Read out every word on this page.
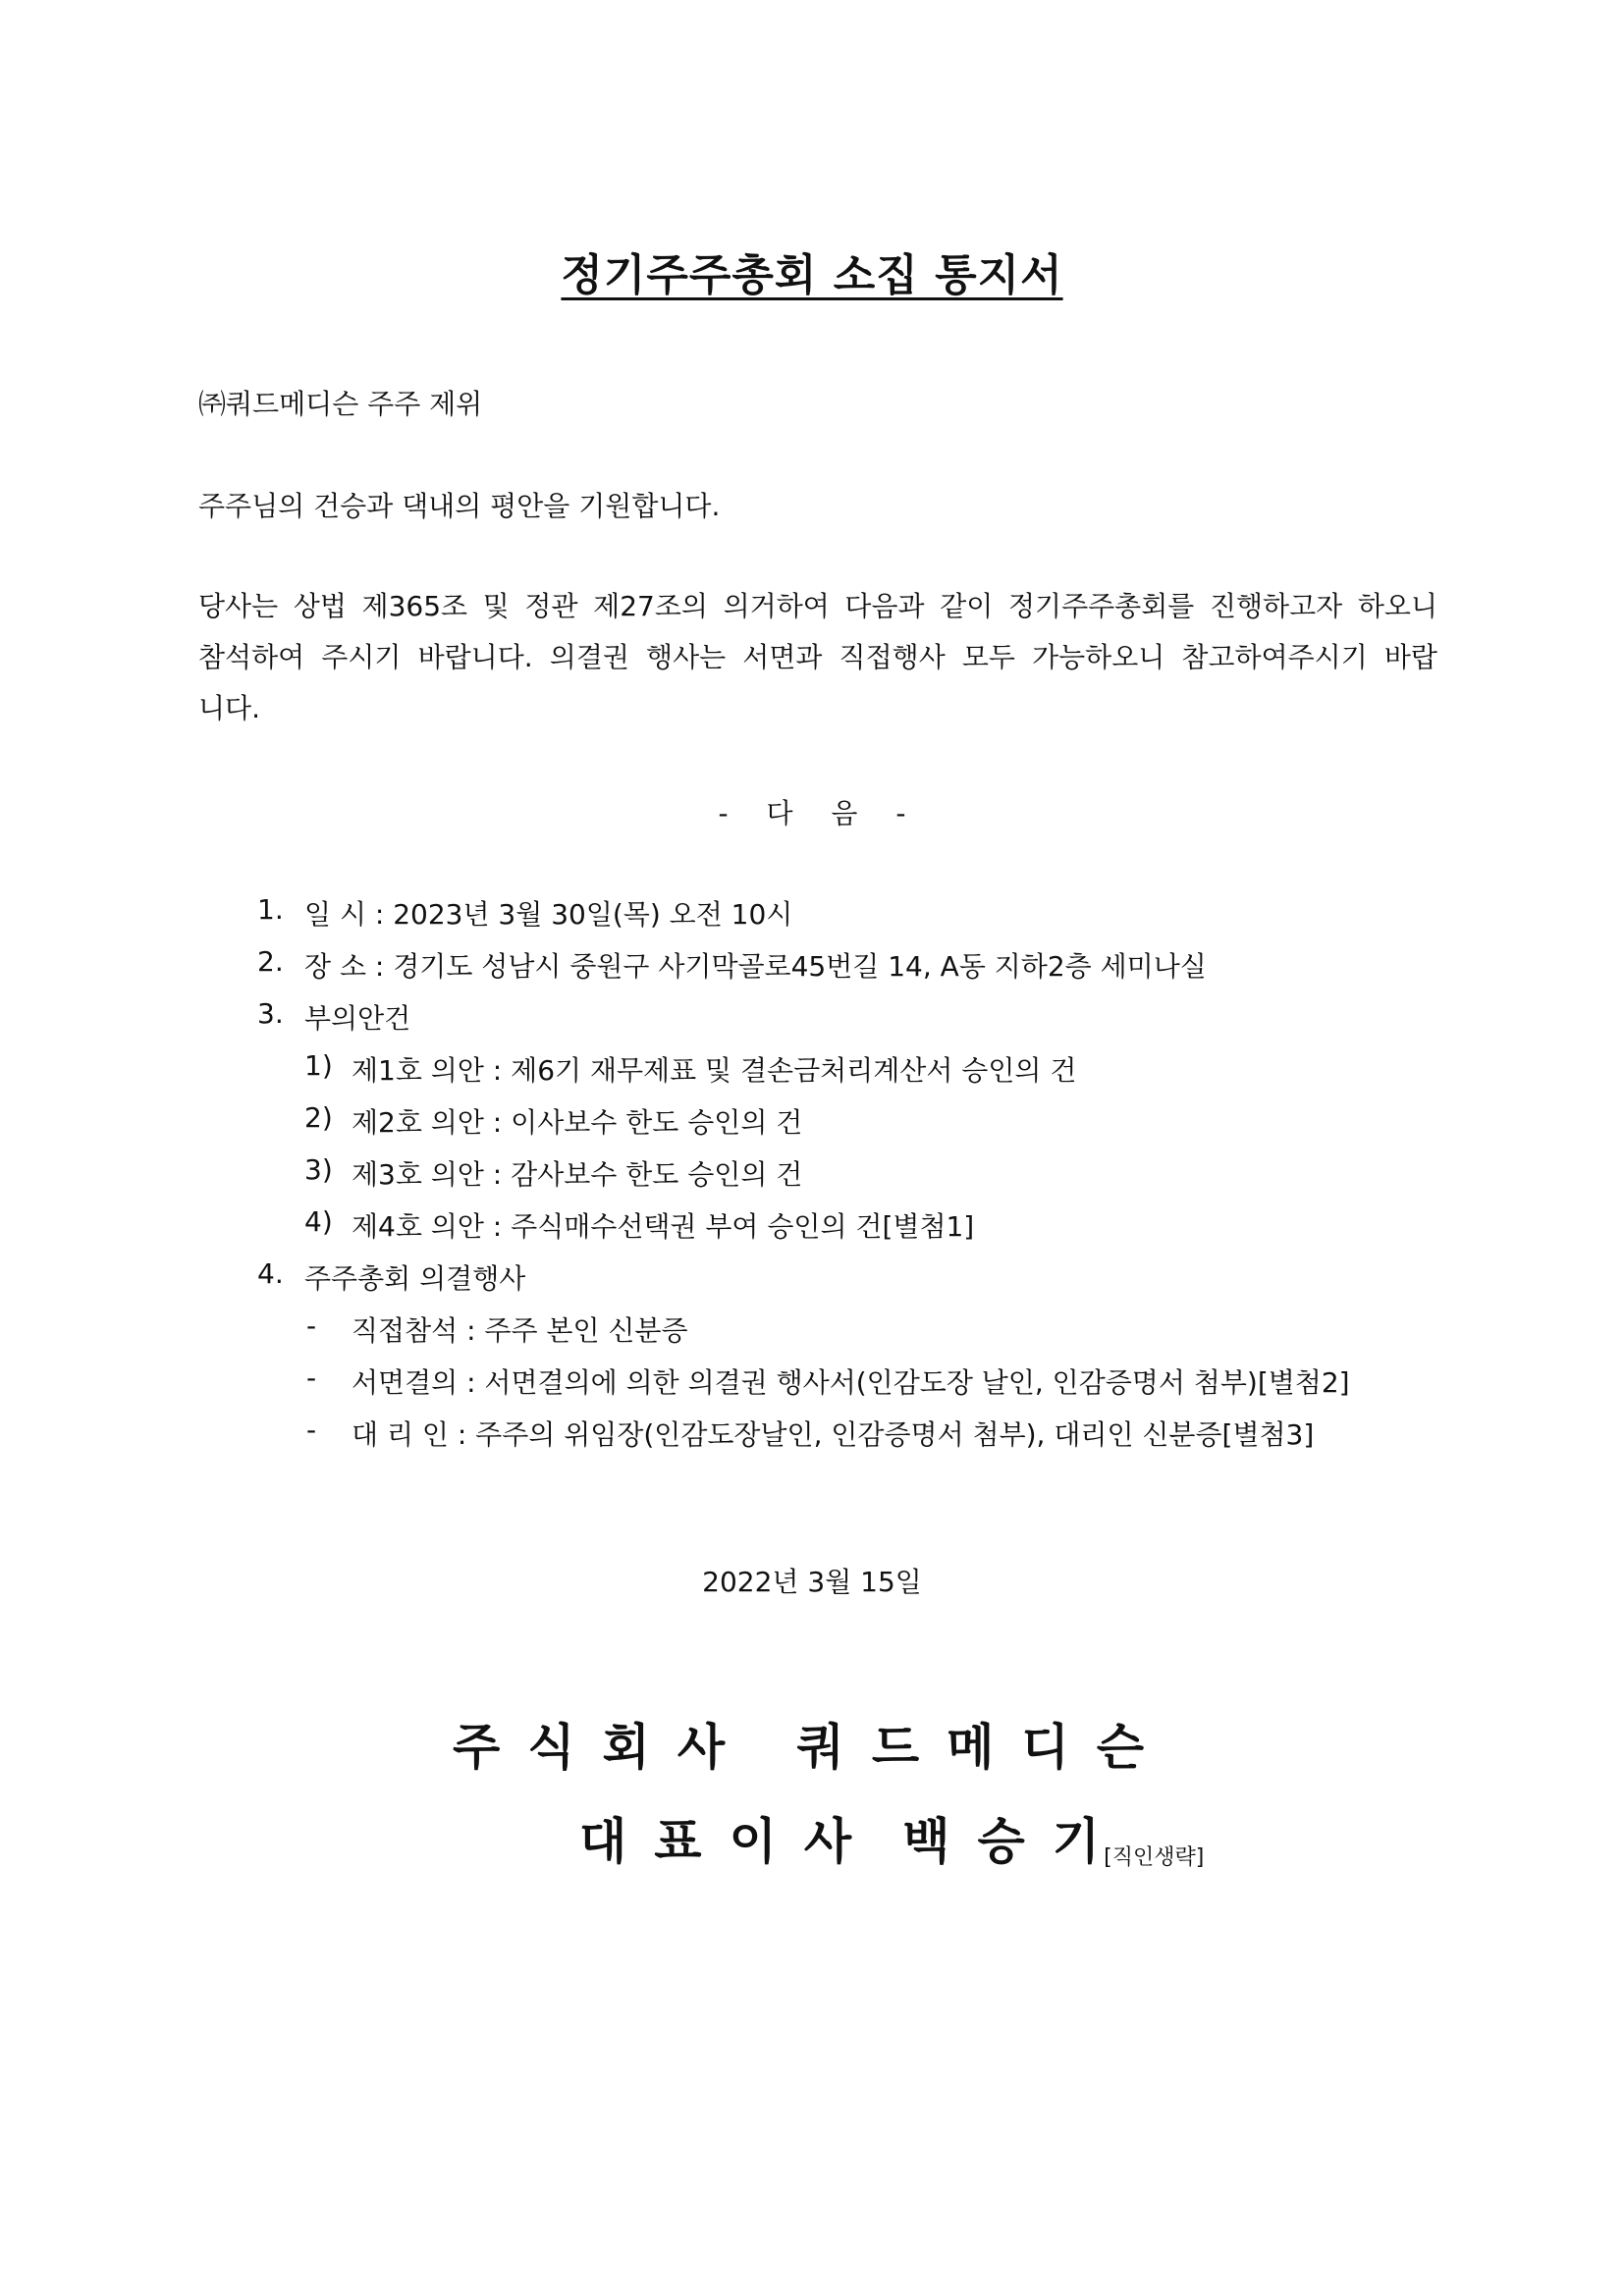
정기주주총회 소집 통지서
㈜쿼드메디슨 주주 제위
주주님의 건승과 댁내의 평안을 기원합니다.
당사는 상법 제365조 및 정관 제27조의 의거하여 다음과 같이 정기주주총회를 진행하고자 하오니 참석하여 주시기 바랍니다. 의결권 행사는 서면과 직접행사 모두 가능하오니 참고하여주시기 바랍니다.
- 다 음 -
1. 일 시 : 2023년 3월 30일(목) 오전 10시
2. 장 소 : 경기도 성남시 중원구 사기막골로45번길 14, A동 지하2층 세미나실
3. 부의안건
1) 제1호 의안 : 제6기 재무제표 및 결손금처리계산서 승인의 건
2) 제2호 의안 : 이사보수 한도 승인의 건
3) 제3호 의안 : 감사보수 한도 승인의 건
4) 제4호 의안 : 주식매수선택권 부여 승인의 건[별첨1]
4. 주주총회 의결행사
- 직접참석 : 주주 본인 신분증
- 서면결의 : 서면결의에 의한 의결권 행사서(인감도장 날인, 인감증명서 첨부)[별첨2]
- 대 리 인 : 주주의 위임장(인감도장날인, 인감증명서 첨부), 대리인 신분증[별첨3]
2022년 3월 15일
주식회사 쿼드메디슨
대표이사 백승기[직인생략]
